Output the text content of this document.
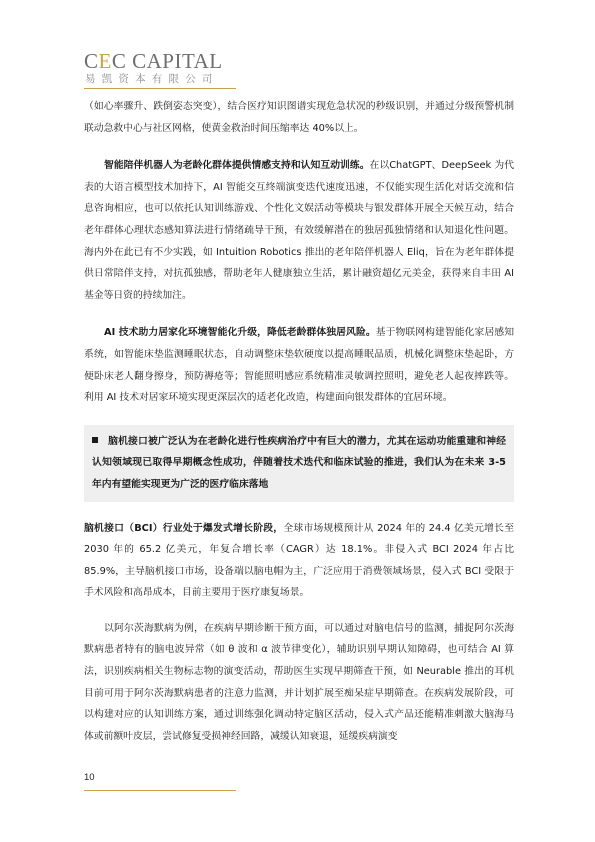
CEC CAPITAL
易凯资本有限公司

（如心率骤升、跌倒姿态突变），结合医疗知识图谱实现危急状况的秒级识别，并通过分级预警机制联动急救中心与社区网格，使黄金救治时间压缩率达 40%以上。

智能陪伴机器人为老龄化群体提供情感支持和认知互动训练。在以ChatGPT、DeepSeek 为代表的大语言模型技术加持下，AI 智能交互终端演变迭代速度迅速，不仅能实现生活化对话交流和信息咨询相应，也可以依托认知训练游戏、个性化文娱活动等模块与银发群体开展全天候互动，结合老年群体心理状态感知算法进行情绪疏导干预，有效缓解潜在的独居孤独情绪和认知退化性问题。海内外在此已有不少实践，如 Intuition Robotics 推出的老年陪伴机器人 Eliq，旨在为老年群体提供日常陪伴支持，对抗孤独感，帮助老年人健康独立生活，累计融资超亿元美金，获得来自丰田 AI 基金等日资的持续加注。

AI 技术助力居家化环境智能化升级，降低老龄群体独居风险。基于物联网构建智能化家居感知系统，如智能床垫监测睡眠状态，自动调整床垫软硬度以提高睡眠品质，机械化调整床垫起卧，方便卧床老人翻身擦身，预防褥疮等；智能照明感应系统精准灵敏调控照明，避免老人起夜摔跌等。利用 AI 技术对居家环境实现更深层次的适老化改造，构建面向银发群体的宜居环境。

脑机接口被广泛认为在老龄化进行性疾病治疗中有巨大的潜力，尤其在运动功能重建和神经认知领域现已取得早期概念性成功，伴随着技术迭代和临床试验的推进，我们认为在未来 3-5 年内有望能实现更为广泛的医疗临床落地

脑机接口（BCI）行业处于爆发式增长阶段，全球市场规模预计从 2024 年的 24.4 亿美元增长至 2030 年的 65.2 亿美元，年复合增长率（CAGR）达 18.1%。非侵入式 BCI 2024 年占比 85.9%，主导脑机接口市场，设备端以脑电帽为主，广泛应用于消费领域场景，侵入式 BCI 受限于手术风险和高昂成本，目前主要用于医疗康复场景。

以阿尔茨海默病为例，在疾病早期诊断干预方面，可以通过对脑电信号的监测，捕捉阿尔茨海默病患者特有的脑电波异常（如 θ 波和 α 波节律变化），辅助识别早期认知障碍，也可结合 AI 算法，识别疾病相关生物标志物的演变活动，帮助医生实现早期筛查干预，如 Neurable 推出的耳机目前可用于阿尔茨海默病患者的注意力监测，并计划扩展至痴呆症早期筛查。在疾病发展阶段，可以构建对应的认知训练方案，通过训练强化调动特定脑区活动，侵入式产品还能精准刺激大脑海马体或前额叶皮层，尝试修复受损神经回路，减缓认知衰退，延缓疾病演变

10
